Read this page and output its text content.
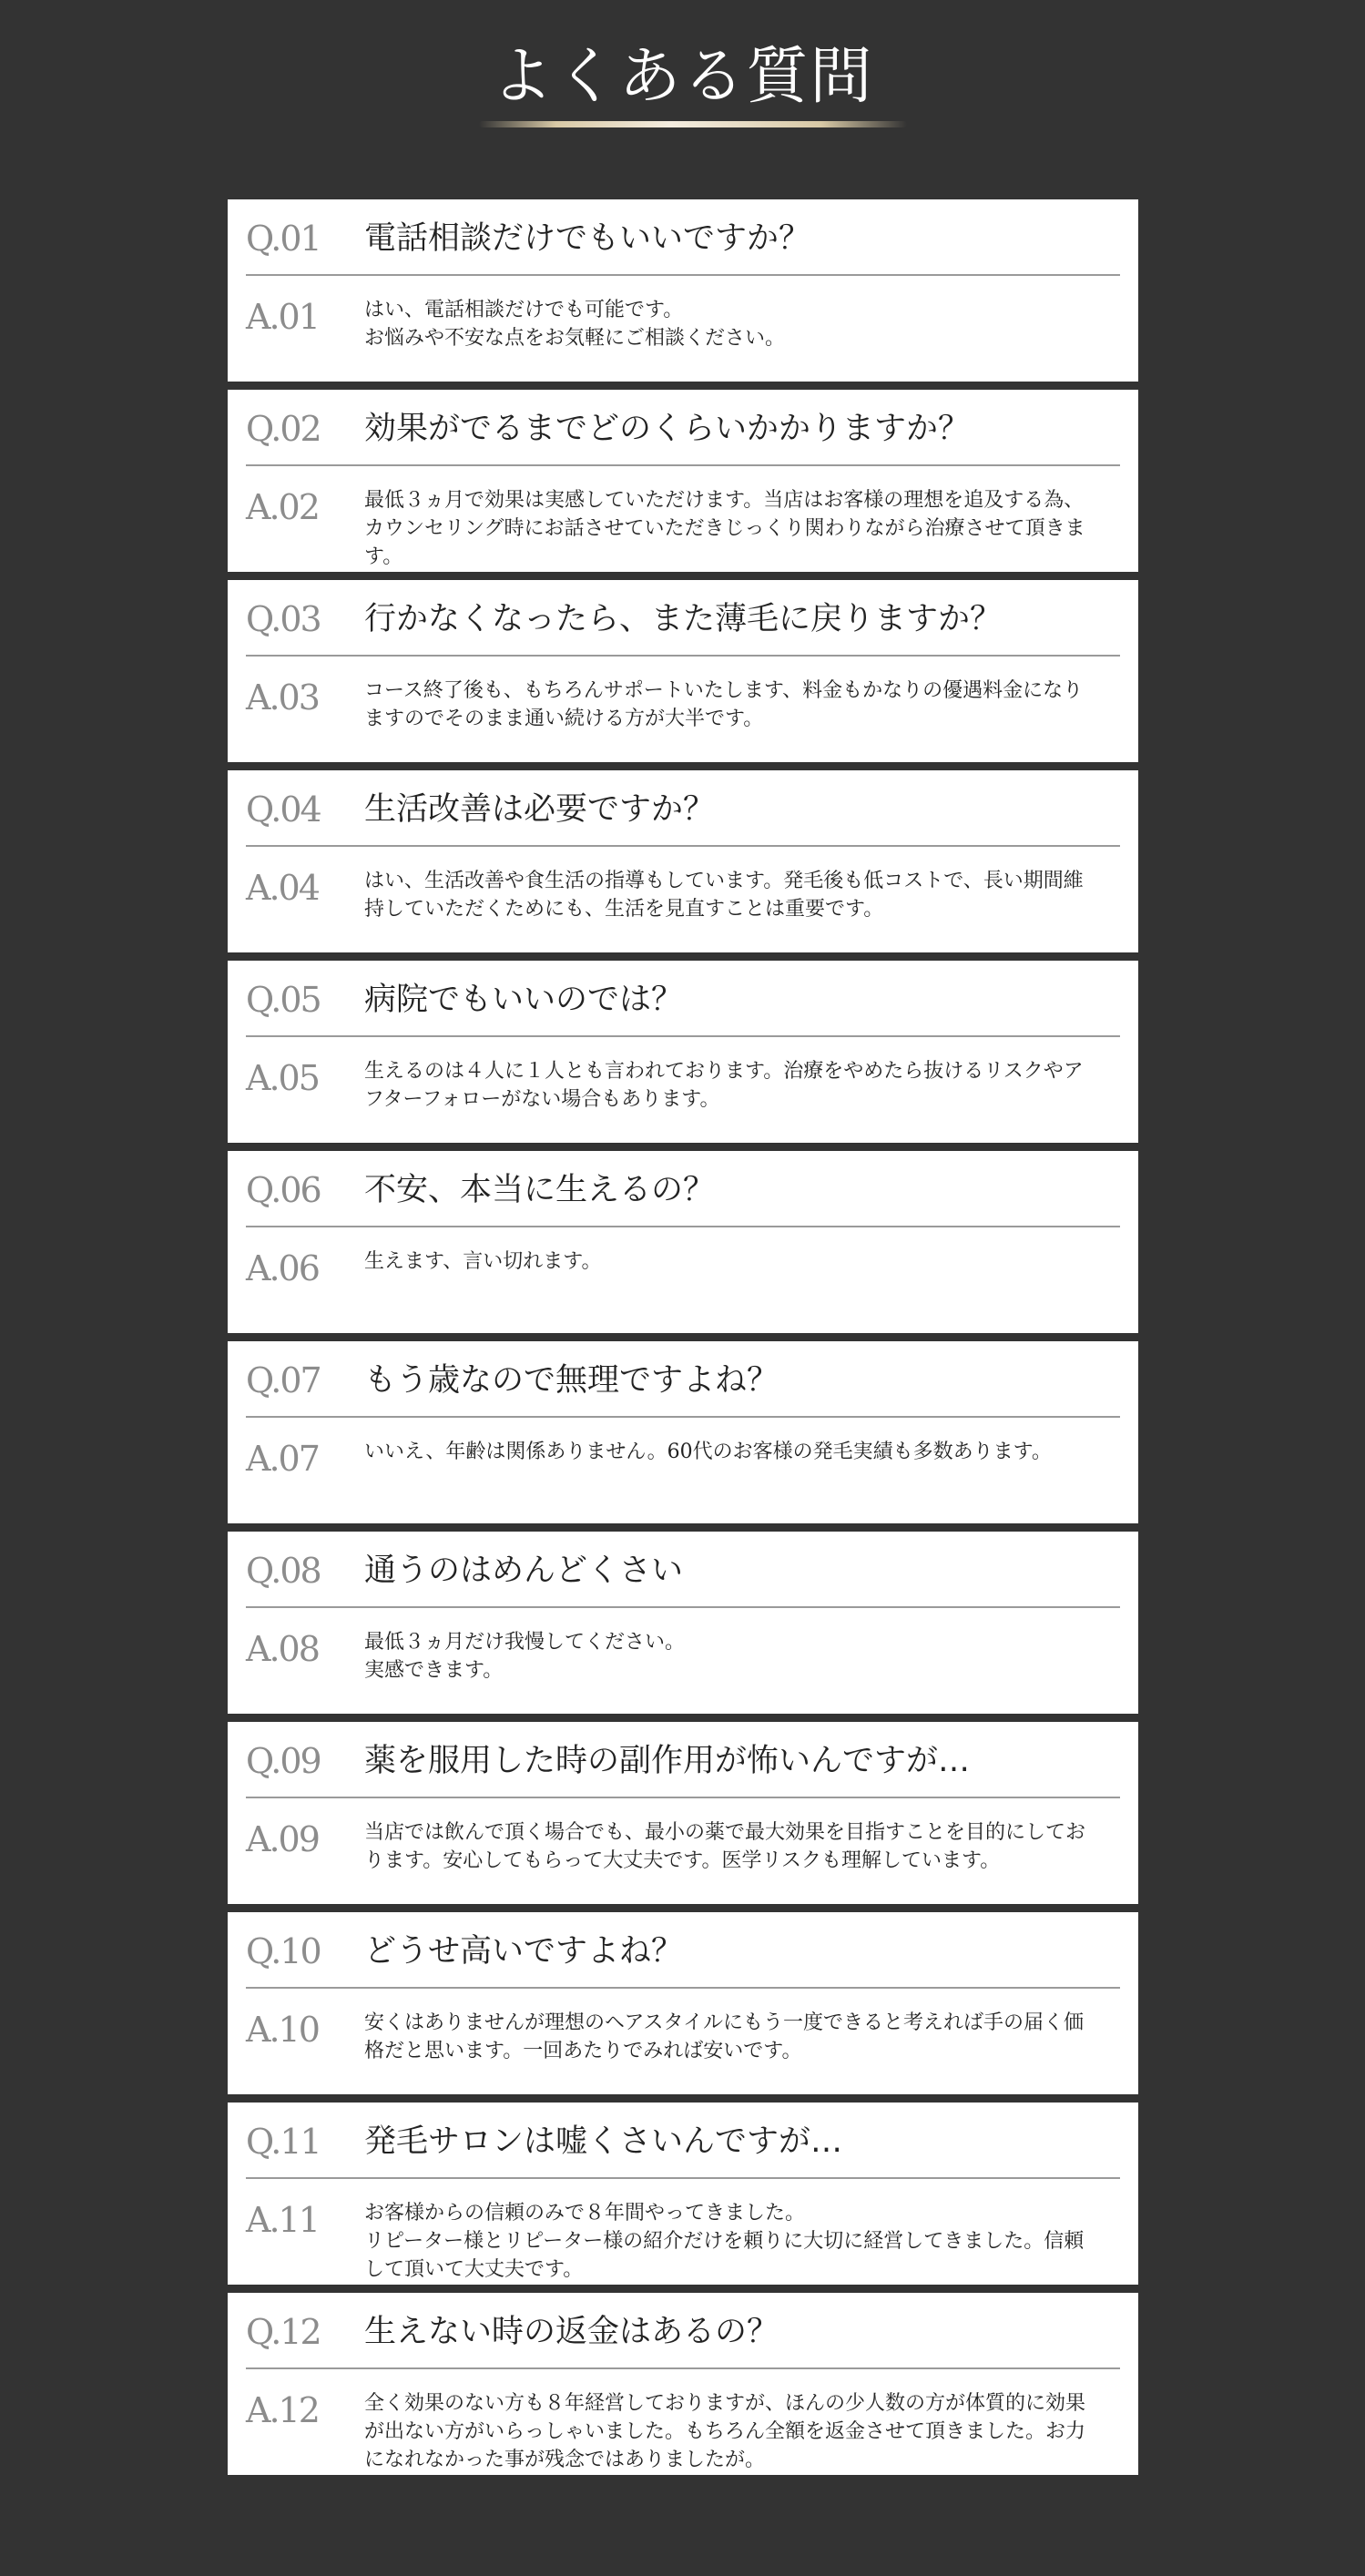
よくある質問
Q.01	電話相談だけでもいいですか？
A.01	はい、電話相談だけでも可能です。
お悩みや不安な点をお気軽にご相談ください。
Q.02	効果がでるまでどのくらいかかりますか？
A.02	最低３ヵ月で効果は実感していただけます。当店はお客様の理想を追及する為、カウンセリング時にお話させていただきじっくり関わりながら治療させて頂きます。
Q.03	行かなくなったら、また薄毛に戻りますか？
A.03	コース終了後も、もちろんサポートいたします、料金もかなりの優遇料金になりますのでそのまま通い続ける方が大半です。
Q.04	生活改善は必要ですか？
A.04	はい、生活改善や食生活の指導もしています。発毛後も低コストで、長い期間維持していただくためにも、生活を見直すことは重要です。
Q.05	病院でもいいのでは？
A.05	生えるのは４人に１人とも言われております。治療をやめたら抜けるリスクやアフターフォローがない場合もあります。
Q.06	不安、本当に生えるの？
A.06	生えます、言い切れます。
Q.07	もう歳なので無理ですよね？
A.07	いいえ、年齢は関係ありません。60代のお客様の発毛実績も多数あります。
Q.08	通うのはめんどくさい
A.08	最低３ヵ月だけ我慢してください。
実感できます。
Q.09	薬を服用した時の副作用が怖いんですが…
A.09	当店では飲んで頂く場合でも、最小の薬で最大効果を目指すことを目的にしております。安心してもらって大丈夫です。医学リスクも理解しています。
Q.10	どうせ高いですよね？
A.10	安くはありませんが理想のヘアスタイルにもう一度できると考えれば手の届く価格だと思います。一回あたりでみれば安いです。
Q.11	発毛サロンは嘘くさいんですが…
A.11	お客様からの信頼のみで８年間やってきました。
リピーター様とリピーター様の紹介だけを頼りに大切に経営してきました。信頼して頂いて大丈夫です。
Q.12	生えない時の返金はあるの？
A.12	全く効果のない方も８年経営しておりますが、ほんの少人数の方が体質的に効果が出ない方がいらっしゃいました。もちろん全額を返金させて頂きました。お力になれなかった事が残念ではありましたが。
